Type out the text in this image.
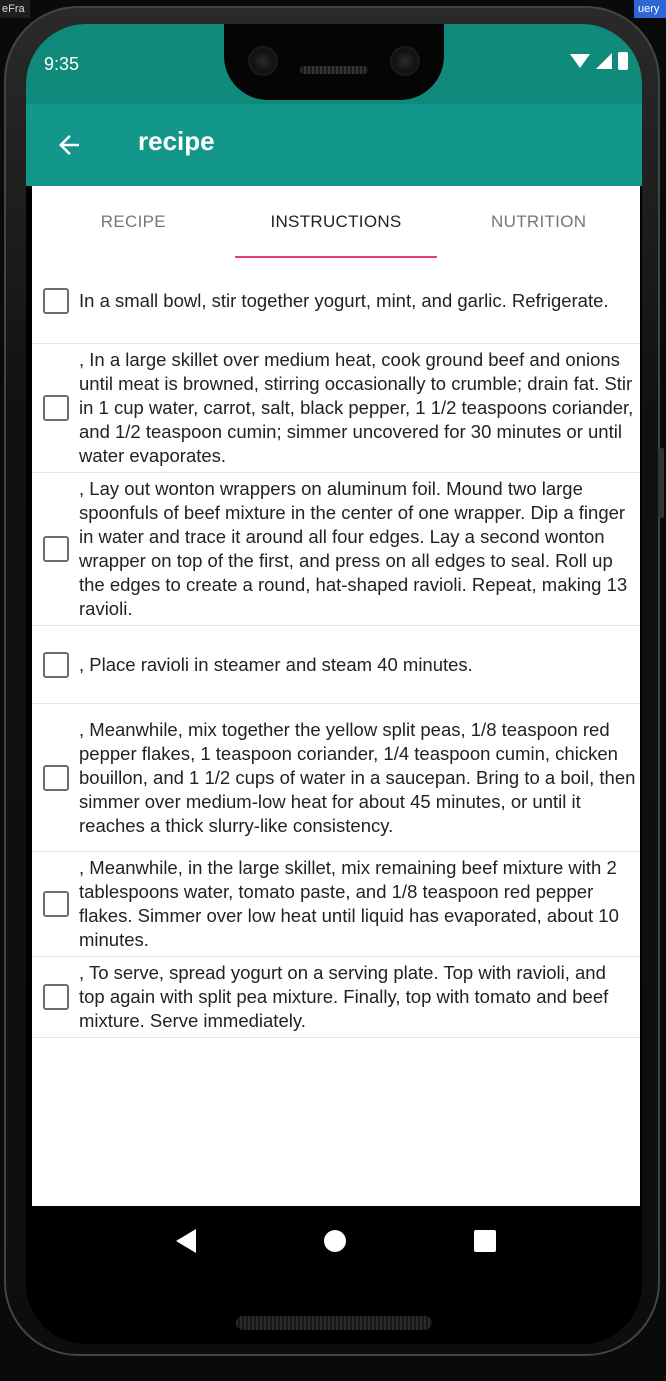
eFra	uery
9:35
recipe
RECIPE	INSTRUCTIONS	NUTRITION
In a small bowl, stir together yogurt, mint, and garlic. Refrigerate.
, In a large skillet over medium heat, cook ground beef and onions until meat is browned, stirring occasionally to crumble; drain fat. Stir in 1 cup water, carrot, salt, black pepper, 1 1/2 teaspoons coriander, and 1/2 teaspoon cumin; simmer uncovered for 30 minutes or until water evaporates.
, Lay out wonton wrappers on aluminum foil. Mound two large spoonfuls of beef mixture in the center of one wrapper. Dip a finger in water and trace it around all four edges. Lay a second wonton wrapper on top of the first, and press on all edges to seal. Roll up the edges to create a round, hat-shaped ravioli. Repeat, making 13 ravioli.
, Place ravioli in steamer and steam 40 minutes.
, Meanwhile, mix together the yellow split peas, 1/8 teaspoon red pepper flakes, 1 teaspoon coriander, 1/4 teaspoon cumin, chicken bouillon, and 1 1/2 cups of water in a saucepan. Bring to a boil, then simmer over medium-low heat for about 45 minutes, or until it reaches a thick slurry-like consistency.
, Meanwhile, in the large skillet, mix remaining beef mixture with 2 tablespoons water, tomato paste, and 1/8 teaspoon red pepper flakes. Simmer over low heat until liquid has evaporated, about 10 minutes.
, To serve, spread yogurt on a serving plate. Top with ravioli, and top again with split pea mixture. Finally, top with tomato and beef mixture. Serve immediately.
